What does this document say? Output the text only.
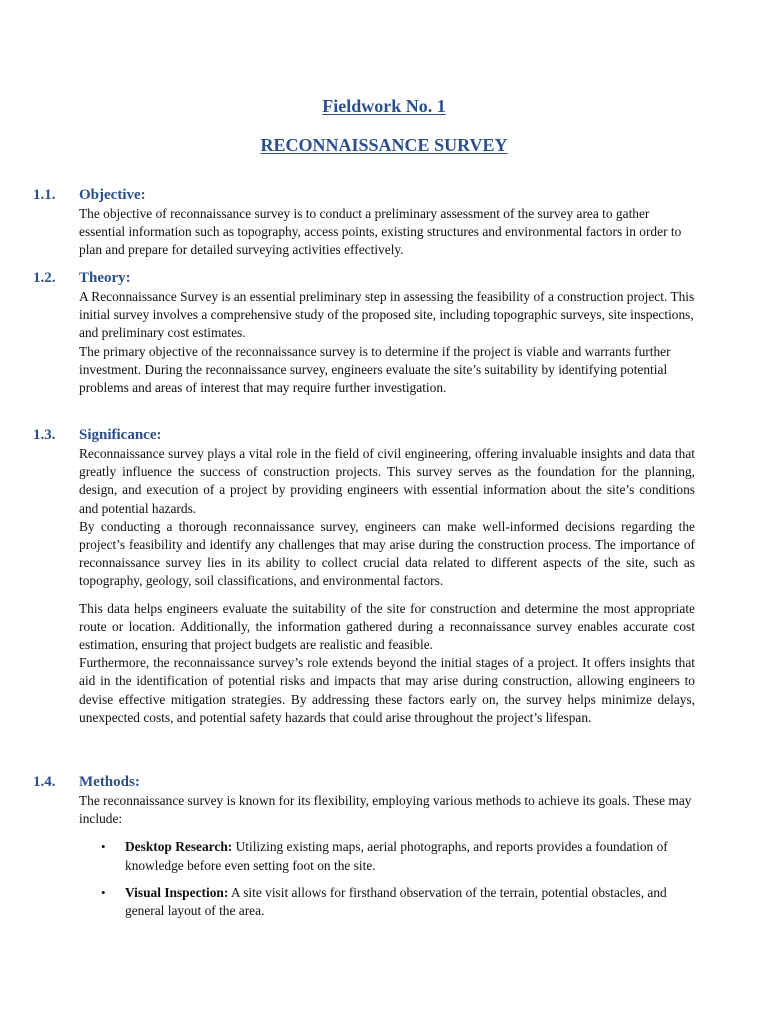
Fieldwork No. 1
RECONNAISSANCE SURVEY
1.1. Objective:

The objective of reconnaissance survey is to conduct a preliminary assessment of the survey area to gather essential information such as topography, access points, existing structures and environmental factors in order to plan and prepare for detailed surveying activities effectively.

1.2. Theory:

A Reconnaissance Survey is an essential preliminary step in assessing the feasibility of a construction project. This initial survey involves a comprehensive study of the proposed site, including topographic surveys, site inspections, and preliminary cost estimates.

The primary objective of the reconnaissance survey is to determine if the project is viable and warrants further investment. During the reconnaissance survey, engineers evaluate the site’s suitability by identifying potential problems and areas of interest that may require further investigation.

1.3. Significance:

Reconnaissance survey plays a vital role in the field of civil engineering, offering invaluable insights and data that greatly influence the success of construction projects. This survey serves as the foundation for the planning, design, and execution of a project by providing engineers with essential information about the site’s conditions and potential hazards.

By conducting a thorough reconnaissance survey, engineers can make well-informed decisions regarding the project’s feasibility and identify any challenges that may arise during the construction process. The importance of reconnaissance survey lies in its ability to collect crucial data related to different aspects of the site, such as topography, geology, soil classifications, and environmental factors.

This data helps engineers evaluate the suitability of the site for construction and determine the most appropriate route or location. Additionally, the information gathered during a reconnaissance survey enables accurate cost estimation, ensuring that project budgets are realistic and feasible.

Furthermore, the reconnaissance survey’s role extends beyond the initial stages of a project. It offers insights that aid in the identification of potential risks and impacts that may arise during construction, allowing engineers to devise effective mitigation strategies. By addressing these factors early on, the survey helps minimize delays, unexpected costs, and potential safety hazards that could arise throughout the project’s lifespan.

1.4. Methods:

The reconnaissance survey is known for its flexibility, employing various methods to achieve its goals. These may include:

• Desktop Research: Utilizing existing maps, aerial photographs, and reports provides a foundation of knowledge before even setting foot on the site.
• Visual Inspection: A site visit allows for firsthand observation of the terrain, potential obstacles, and general layout of the area.
